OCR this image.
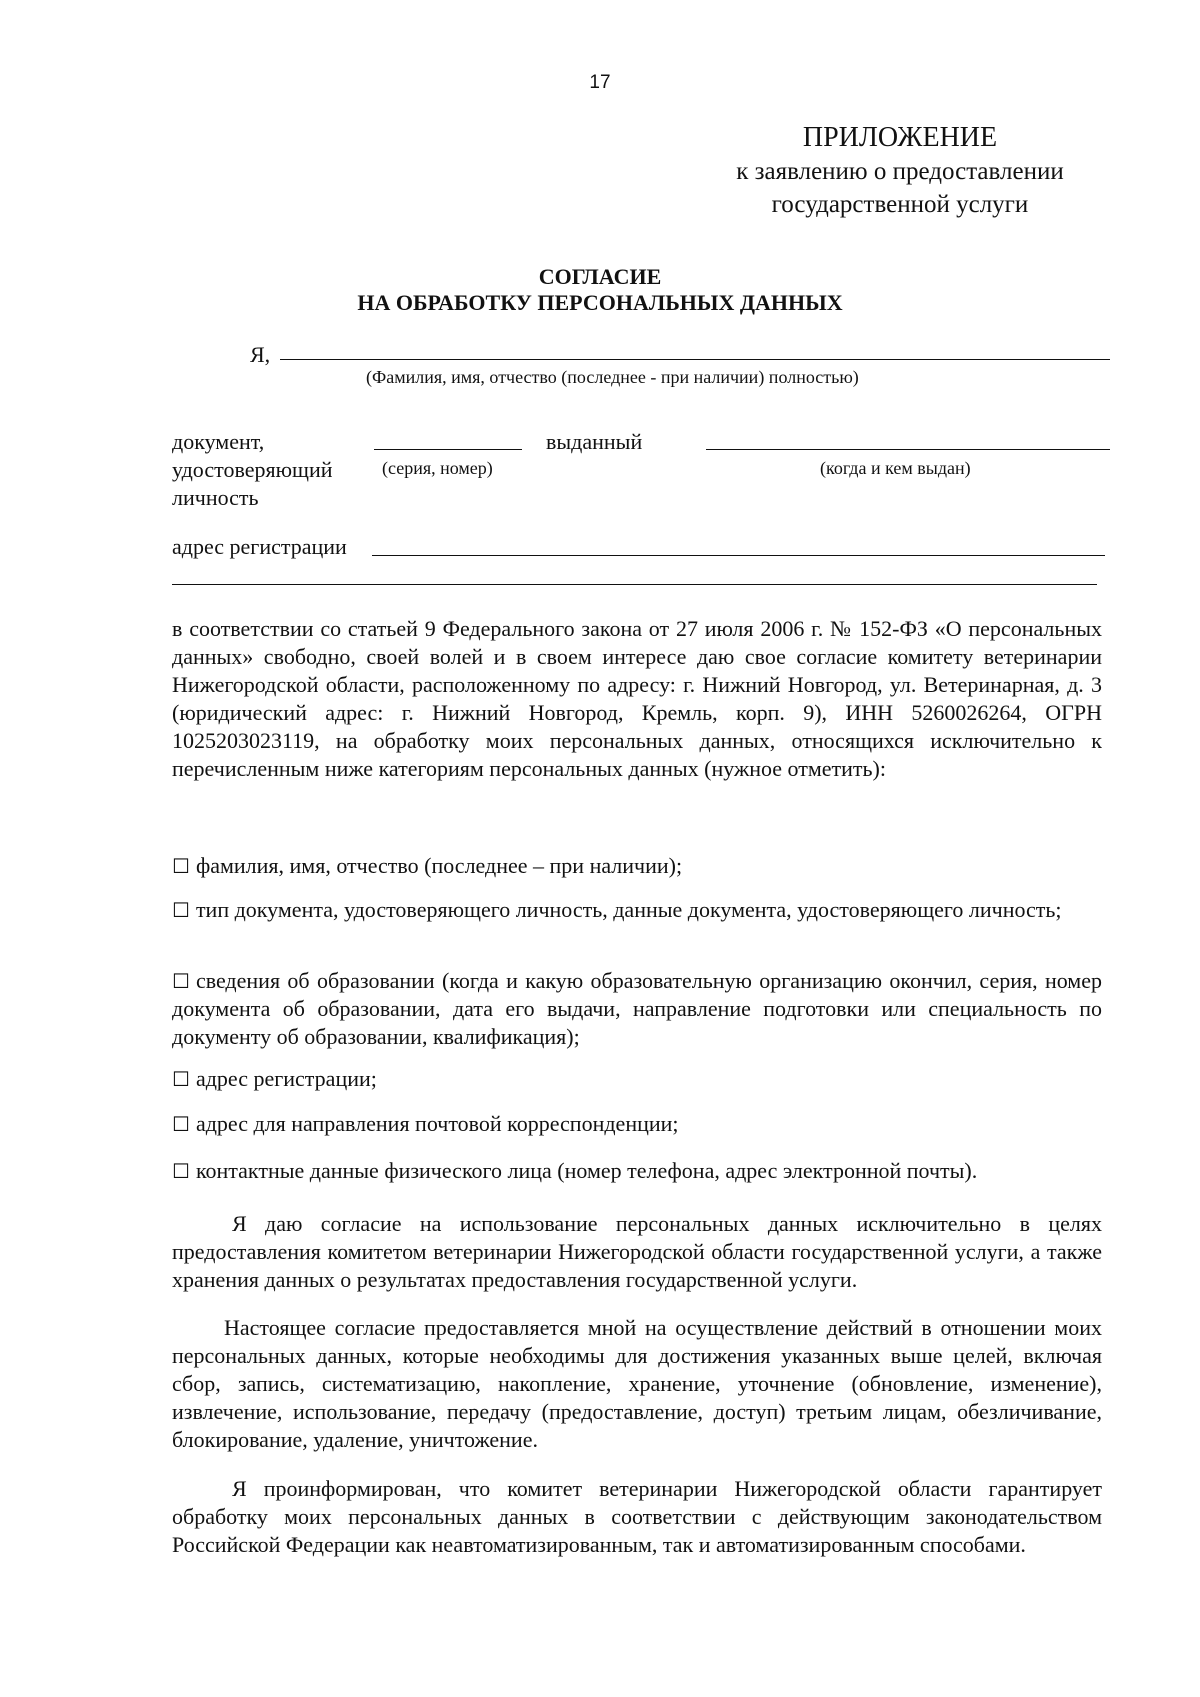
17
ПРИЛОЖЕНИЕ
к заявлению о предоставлении
государственной услуги
СОГЛАСИЕ
НА ОБРАБОТКУ ПЕРСОНАЛЬНЫХ ДАННЫХ
Я,
(Фамилия, имя, отчество (последнее - при наличии) полностью)
документ,
удостоверяющий
личность
(серия, номер)
выданный
(когда и кем выдан)
адрес регистрации
в соответствии со статьей 9 Федерального закона от 27 июля 2006 г. № 152-ФЗ «О персональных данных» свободно, своей волей и в своем интересе даю свое согласие комитету ветеринарии Нижегородской области, расположенному по адресу: г. Нижний Новгород, ул. Ветеринарная, д. 3 (юридический адрес: г. Нижний Новгород, Кремль, корп. 9), ИНН 5260026264, ОГРН 1025203023119, на обработку моих персональных данных, относящихся исключительно к перечисленным ниже категориям персональных данных (нужное отметить):
☐ фамилия, имя, отчество (последнее – при наличии);
☐ тип документа, удостоверяющего личность, данные документа, удостоверяющего личность;
☐ сведения об образовании (когда и какую образовательную организацию окончил, серия, номер документа об образовании, дата его выдачи, направление подготовки или специальность по документу об образовании, квалификация);
☐ адрес регистрации;
☐ адрес для направления почтовой корреспонденции;
☐ контактные данные физического лица (номер телефона, адрес электронной почты).
Я даю согласие на использование персональных данных исключительно в целях предоставления комитетом ветеринарии Нижегородской области государственной услуги, а также хранения данных о результатах предоставления государственной услуги.
Настоящее согласие предоставляется мной на осуществление действий в отношении моих персональных данных, которые необходимы для достижения указанных выше целей, включая сбор, запись, систематизацию, накопление, хранение, уточнение (обновление, изменение), извлечение, использование, передачу (предоставление, доступ) третьим лицам, обезличивание, блокирование, удаление, уничтожение.
Я проинформирован, что комитет ветеринарии Нижегородской области гарантирует обработку моих персональных данных в соответствии с действующим законодательством Российской Федерации как неавтоматизированным, так и автоматизированным способами.
